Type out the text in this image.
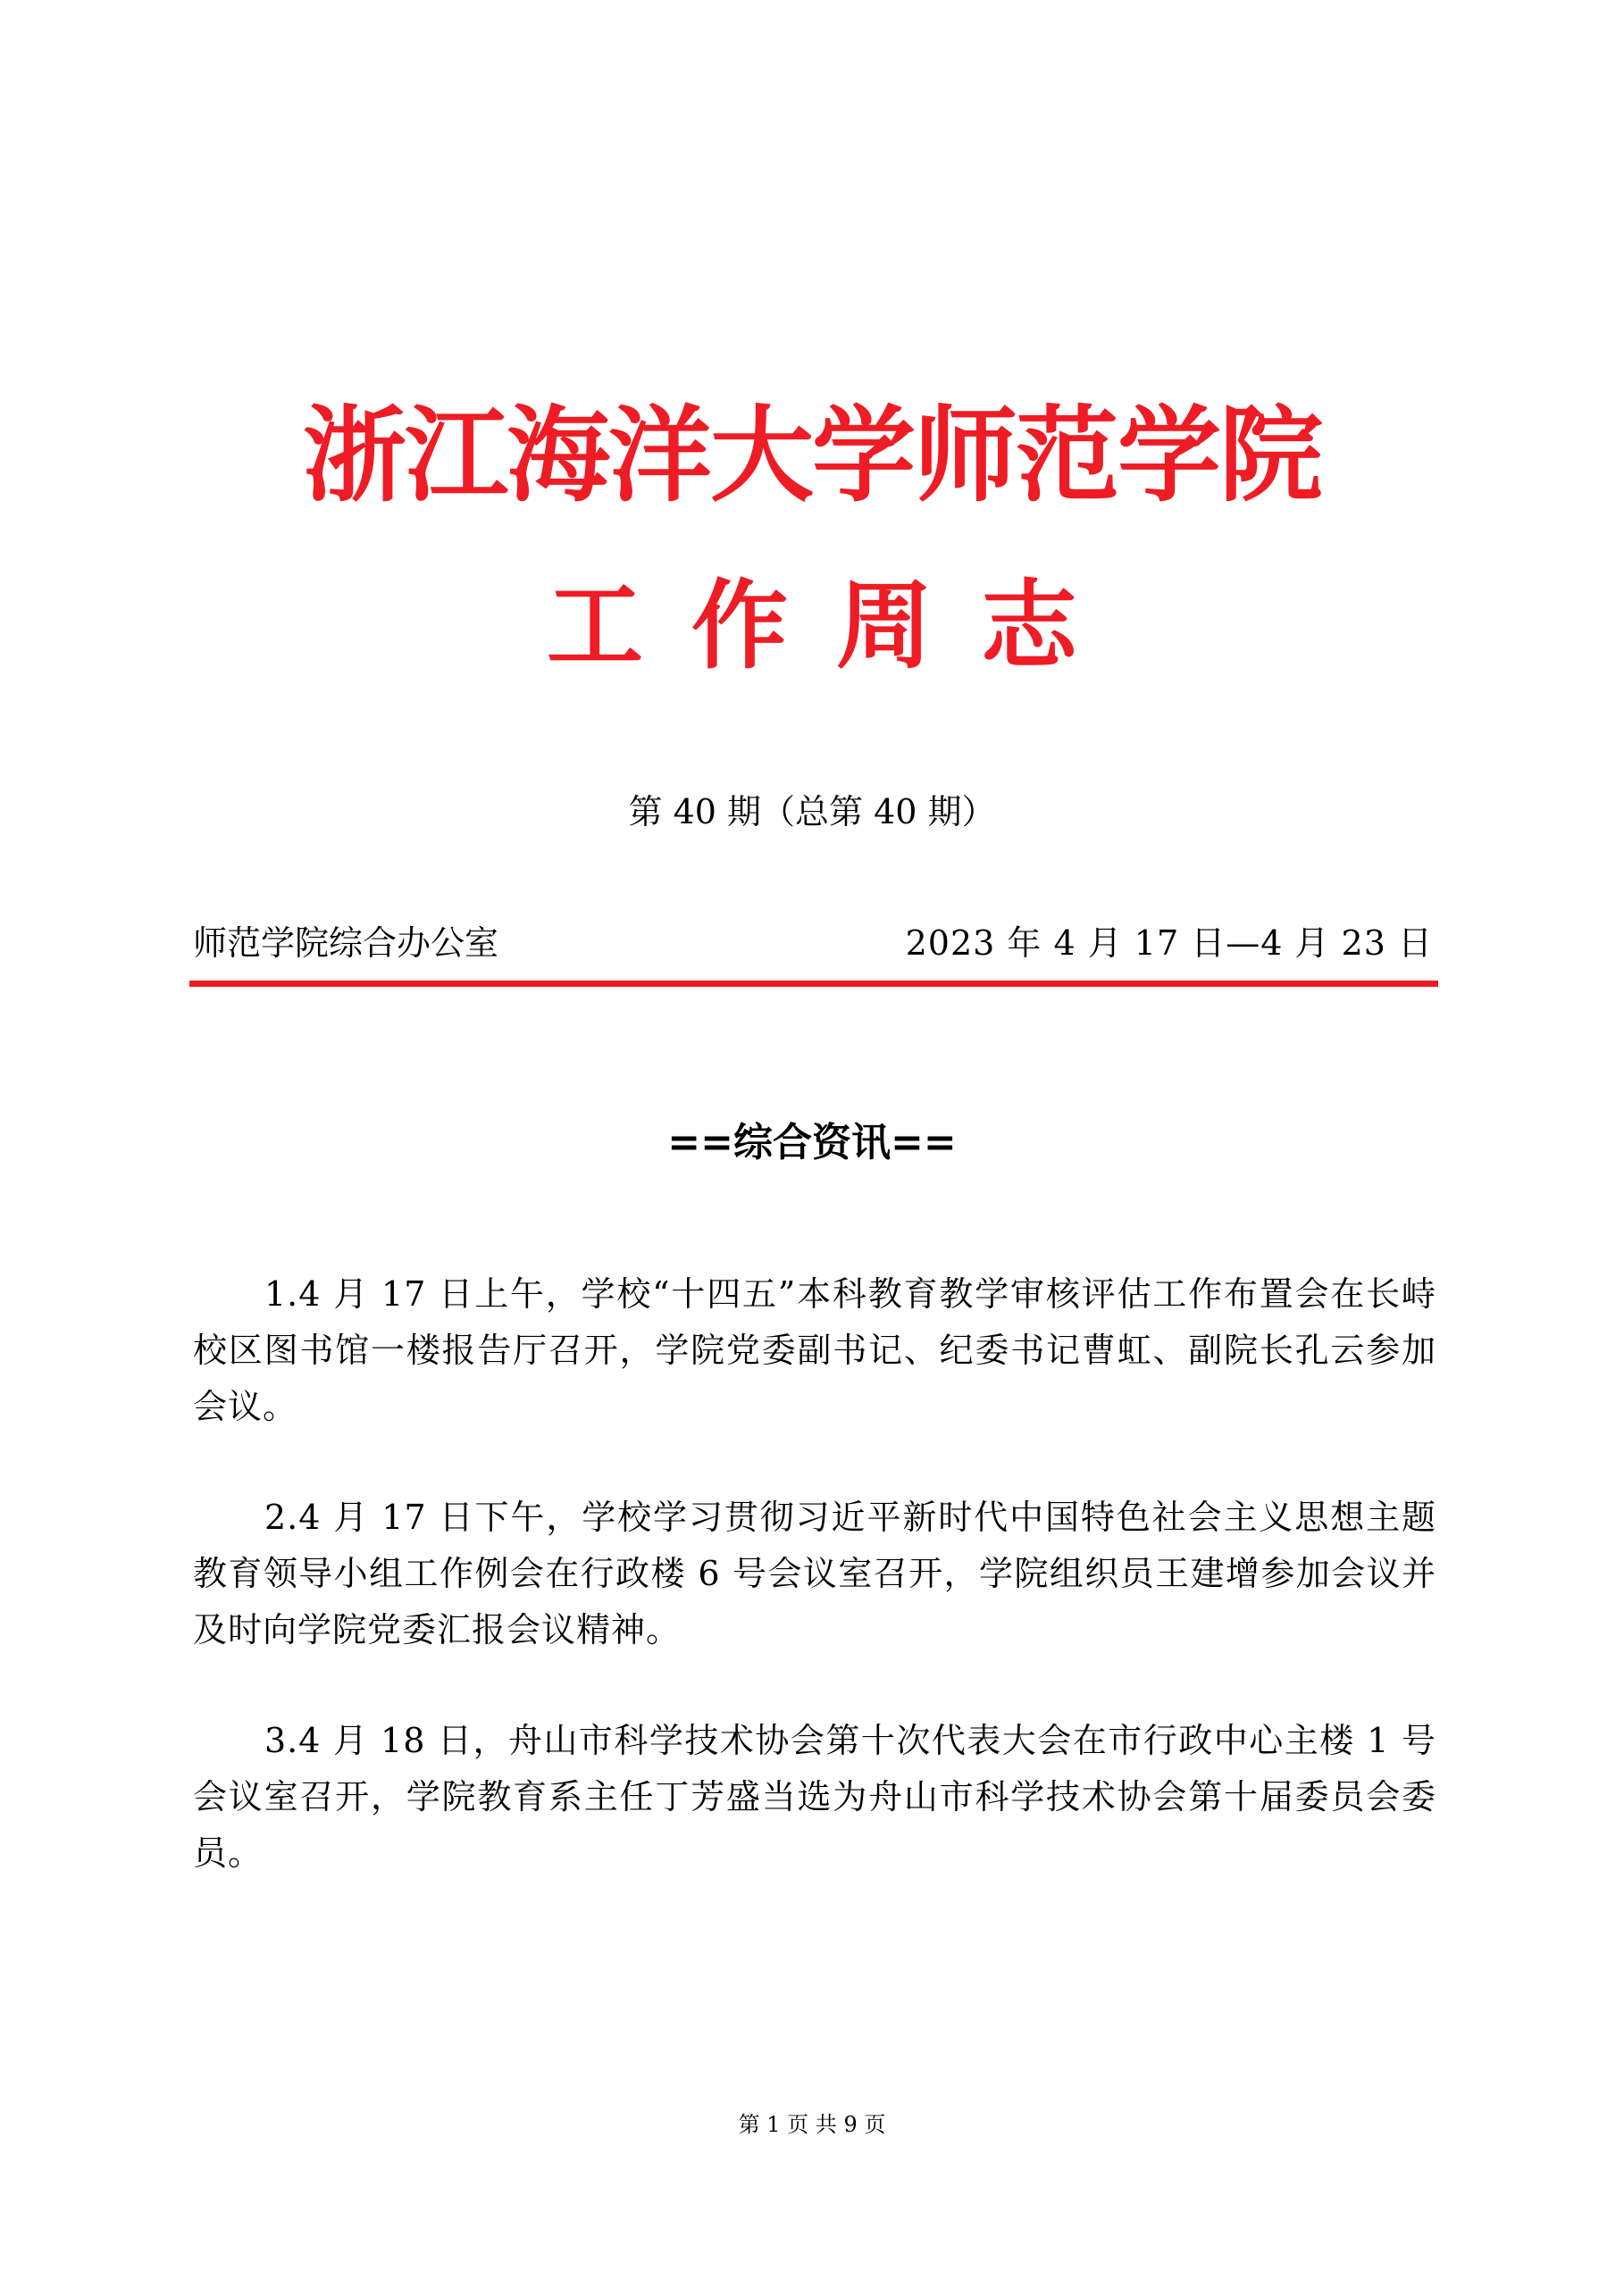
浙江海洋大学师范学院
工作周志
第 40 期（总第 40 期）
师范学院综合办公室	2023 年 4 月 17 日—4 月 23 日
==综合资讯==

1.4 月 17 日上午，学校“十四五”本科教育教学审核评估工作布置会在长峙校区图书馆一楼报告厅召开，学院党委副书记、纪委书记曹虹、副院长孔云参加会议。

2.4 月 17 日下午，学校学习贯彻习近平新时代中国特色社会主义思想主题教育领导小组工作例会在行政楼 6 号会议室召开，学院组织员王建增参加会议并及时向学院党委汇报会议精神。

3.4 月 18 日，舟山市科学技术协会第十次代表大会在市行政中心主楼 1 号会议室召开，学院教育系主任丁芳盛当选为舟山市科学技术协会第十届委员会委员。

第 1 页 共 9 页
